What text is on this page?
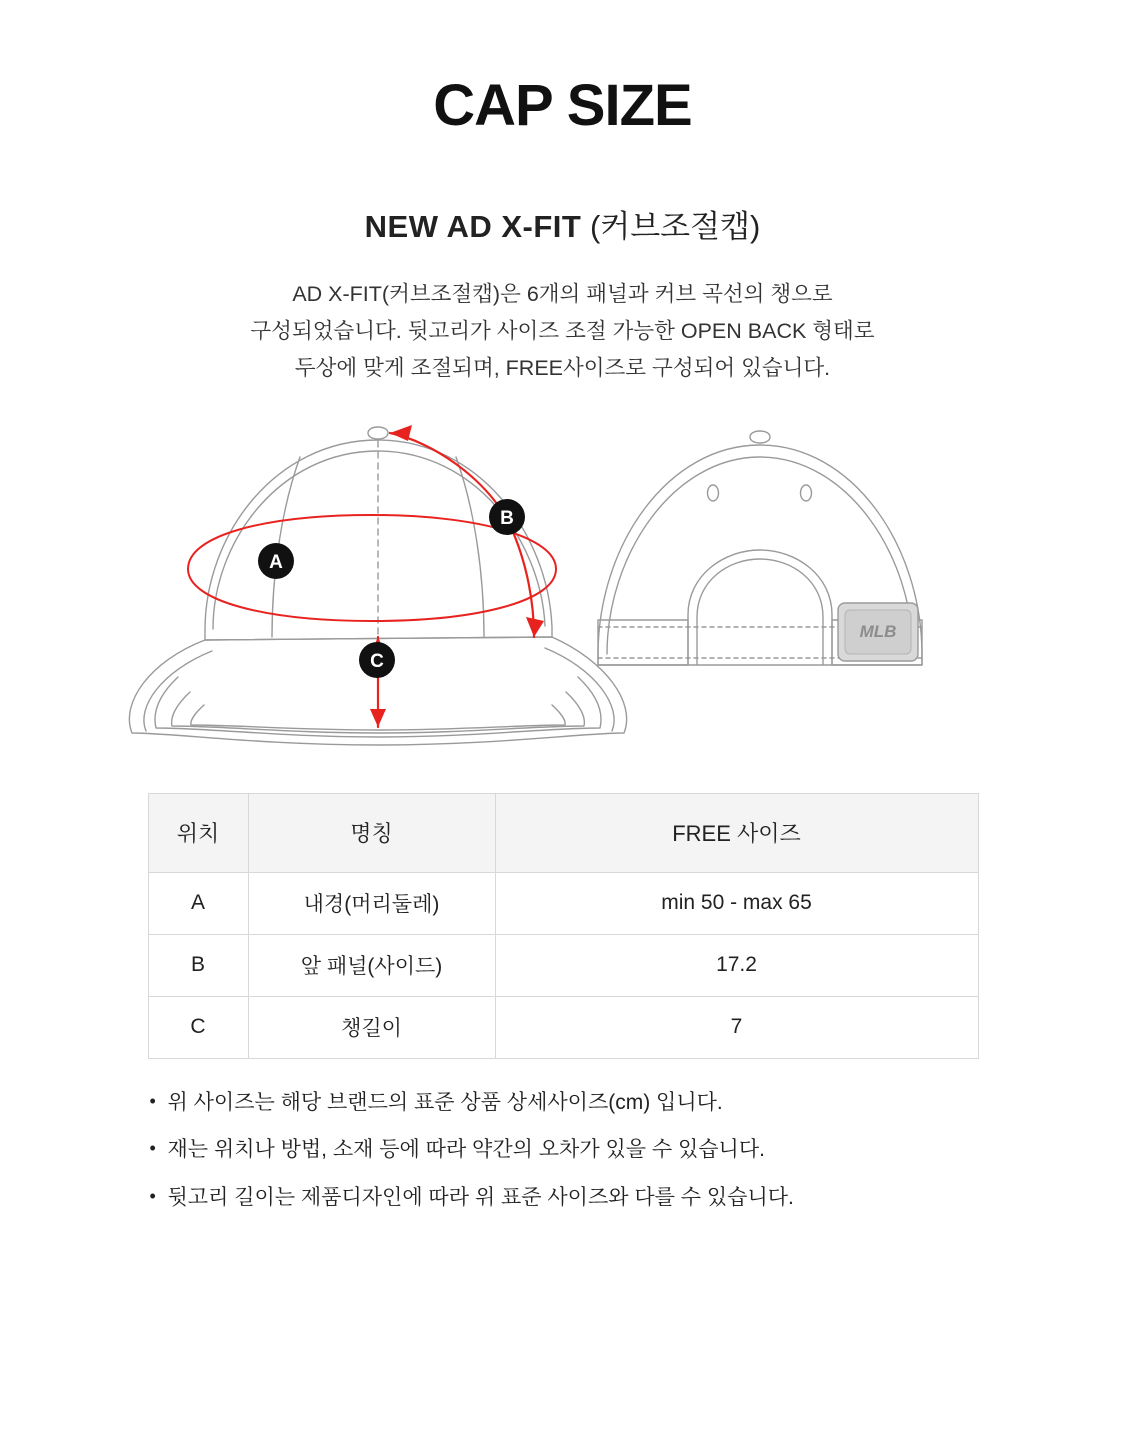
CAP SIZE
NEW AD X-FIT (커브조절캡)
AD X-FIT(커브조절캡)은 6개의 패널과 커브 곡선의 챙으로
구성되었습니다. 뒷고리가 사이즈 조절 가능한 OPEN BACK 형태로
두상에 맞게 조절되며, FREE사이즈로 구성되어 있습니다.
MLB
A
B
C
위치	명칭	FREE 사이즈
A	내경(머리둘레)	min 50 - max 65
B	앞 패널(사이드)	17.2
C	챙길이	7
• 위 사이즈는 해당 브랜드의 표준 상품 상세사이즈(cm) 입니다.
• 재는 위치나 방법, 소재 등에 따라 약간의 오차가 있을 수 있습니다.
• 뒷고리 길이는 제품디자인에 따라 위 표준 사이즈와 다를 수 있습니다.
